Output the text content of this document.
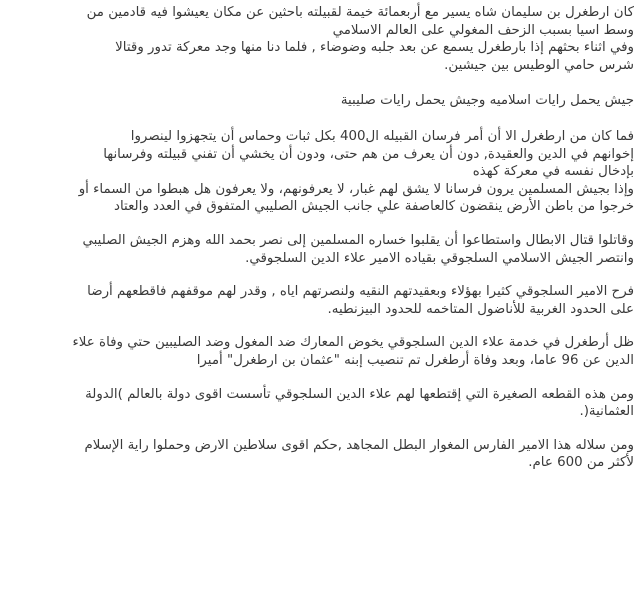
كان ارطغرل بن سليمان شاه يسير مع أربعمائة خيمة لقبيلته باحثين عن مكان يعيشوا فيه قادمين من
وسط اسيا بسبب الزحف المغولي على العالم الاسلامي
وفي اثناء بحثهم إذا بارطغرل يسمع عن بعد جلبه وضوضاء , فلما دنا منها وجد معركة تدور وقتالا
شرس حامي الوطيس بين جيشين.
جيش يحمل رايات اسلاميه وجيش يحمل رايات صليبية
فما كان من ارطغرل الا أن أمر فرسان القبيله ال400 بكل ثبات وحماس أن يتجهزوا لينصروا
إخوانهم في الدين والعقيدة, دون أن يعرف من هم حتى، ودون أن يخشي أن تفني قبيلته وفرسانها
بإدخال نفسه في معركة كهذه
وإذا بجيش المسلمين يرون فرسانا لا يشق لهم غبار، لا يعرفونهم، ولا يعرفون هل هبطوا من السماء أو
خرجوا من باطن الأرض ينقضون كالعاصفة علي جانب الجيش الصليبي المتفوق في العدد والعتاد
وقاتلوا قتال الابطال واستطاعوا أن يقلبوا خساره المسلمين إلى نصر بحمد الله وهزم الجيش الصليبي
وانتصر الجيش الاسلامي السلجوقي بقياده الامير علاء الدين السلجوقي.
فرح الامير السلجوقي كثيرا بهؤلاء وبعقيدتهم النقيه ولنصرتهم اياه , وقدر لهم موقفهم فاقطعهم أرضا
على الحدود الغربية للأناضول المتاخمه للحدود البيزنطيه.
ظل أرطغرل في خدمة علاء الدين السلجوقي يخوض المعارك ضد المغول وضد الصليبين حتي وفاة علاء
الدين عن 96 عاما، وبعد وفاة أرطغرل تم تنصيب إبنه "عثمان بن ارطغرل" أميرا
ومن هذه القطعه الصغيرة التي إقتطعها لهم علاء الدين السلجوقي تأسست اقوى دولة بالعالم )الدولة
العثمانية(.
ومن سلاله هذا الامير الفارس المغوار البطل المجاهد ,حكم اقوى سلاطين الارض وحملوا راية الإسلام
لأكثر من 600 عام.
